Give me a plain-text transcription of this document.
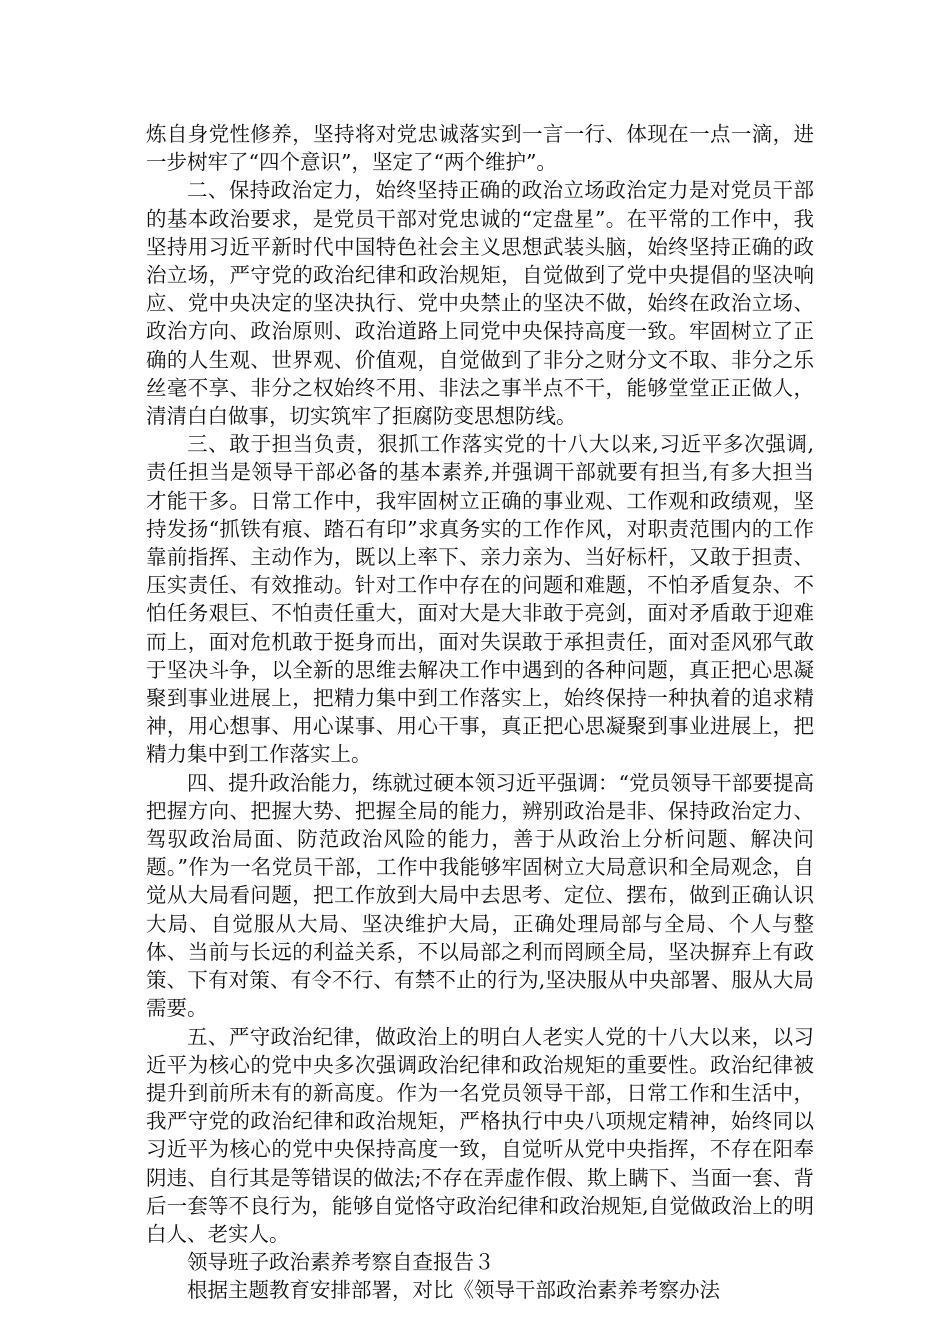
炼自身党性修养，坚持将对党忠诚落实到一言一行、体现在一点一滴，进一步树牢了“四个意识”，坚定了“两个维护”。

二、保持政治定力，始终坚持正确的政治立场政治定力是对党员干部的基本政治要求，是党员干部对党忠诚的“定盘星”。在平常的工作中，我坚持用习近平新时代中国特色社会主义思想武装头脑，始终坚持正确的政治立场，严守党的政治纪律和政治规矩，自觉做到了党中央提倡的坚决响应、党中央决定的坚决执行、党中央禁止的坚决不做，始终在政治立场、政治方向、政治原则、政治道路上同党中央保持高度一致。牢固树立了正确的人生观、世界观、价值观，自觉做到了非分之财分文不取、非分之乐丝毫不享、非分之权始终不用、非法之事半点不干，能够堂堂正正做人，清清白白做事，切实筑牢了拒腐防变思想防线。

三、敢于担当负责，狠抓工作落实党的十八大以来,习近平多次强调,责任担当是领导干部必备的基本素养,并强调干部就要有担当,有多大担当才能干多。日常工作中，我牢固树立正确的事业观、工作观和政绩观，坚持发扬“抓铁有痕、踏石有印”求真务实的工作作风，对职责范围内的工作靠前指挥、主动作为，既以上率下、亲力亲为、当好标杆，又敢于担责、压实责任、有效推动。针对工作中存在的问题和难题，不怕矛盾复杂、不怕任务艰巨、不怕责任重大，面对大是大非敢于亮剑，面对矛盾敢于迎难而上，面对危机敢于挺身而出，面对失误敢于承担责任，面对歪风邪气敢于坚决斗争，以全新的思维去解决工作中遇到的各种问题，真正把心思凝聚到事业进展上，把精力集中到工作落实上，始终保持一种执着的追求精神，用心想事、用心谋事、用心干事，真正把心思凝聚到事业进展上，把精力集中到工作落实上。

四、提升政治能力，练就过硬本领习近平强调：“党员领导干部要提高把握方向、把握大势、把握全局的能力，辨别政治是非、保持政治定力、驾驭政治局面、防范政治风险的能力，善于从政治上分析问题、解决问题。”作为一名党员干部，工作中我能够牢固树立大局意识和全局观念，自觉从大局看问题，把工作放到大局中去思考、定位、摆布，做到正确认识大局、自觉服从大局、坚决维护大局，正确处理局部与全局、个人与整体、当前与长远的利益关系，不以局部之利而罔顾全局，坚决摒弃上有政策、下有对策、有令不行、有禁不止的行为,坚决服从中央部署、服从大局需要。

五、严守政治纪律，做政治上的明白人老实人党的十八大以来，以习近平为核心的党中央多次强调政治纪律和政治规矩的重要性。政治纪律被提升到前所未有的新高度。作为一名党员领导干部，日常工作和生活中，我严守党的政治纪律和政治规矩，严格执行中央八项规定精神，始终同以习近平为核心的党中央保持高度一致，自觉听从党中央指挥，不存在阳奉阴违、自行其是等错误的做法;不存在弄虚作假、欺上瞒下、当面一套、背后一套等不良行为，能够自觉恪守政治纪律和政治规矩,自觉做政治上的明白人、老实人。

领导班子政治素养考察自查报告３

根据主题教育安排部署，对比《领导干部政治素养考察办法
